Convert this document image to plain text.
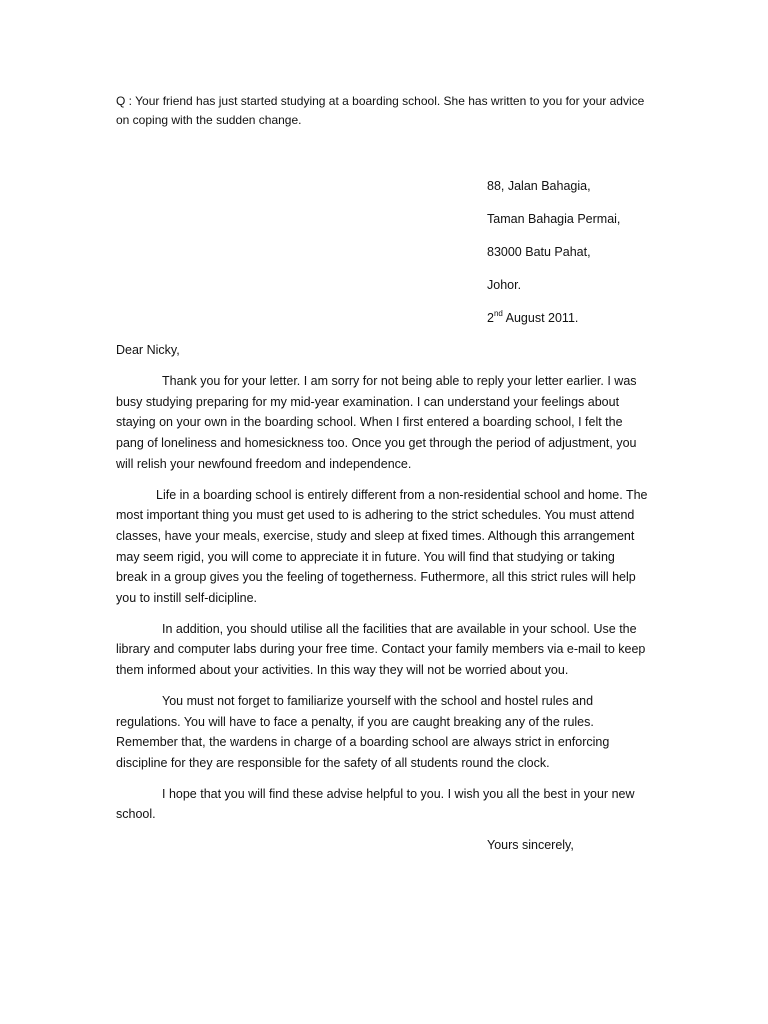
Q : Your friend has just started studying at a boarding school. She has written to you for your advice on coping with the sudden change.
88, Jalan Bahagia,
Taman Bahagia Permai,
83000 Batu Pahat,
Johor.
2nd August 2011.
Dear Nicky,

Thank you for your letter. I am sorry for not being able to reply your letter earlier. I was busy studying preparing for my mid-year examination. I can understand your feelings about staying on your own in the boarding school. When I first entered a boarding school, I felt the pang of loneliness and homesickness too. Once you get through the period of adjustment, you will relish your newfound freedom and independence.

Life in a boarding school is entirely different from a non-residential school and home. The most important thing you must get used to is adhering to the strict schedules. You must attend classes, have your meals, exercise, study and sleep at fixed times. Although this arrangement may seem rigid, you will come to appreciate it in future. You will find that studying or taking break in a group gives you the feeling of togetherness. Futhermore, all this strict rules will help you to instill self-dicipline.

In addition, you should utilise all the facilities that are available in your school. Use the library and computer labs during your free time. Contact your family members via e-mail to keep them informed about your activities. In this way they will not be worried about you.

You must not forget to familiarize yourself with the school and hostel rules and regulations. You will have to face a penalty, if you are caught breaking any of the rules. Remember that, the wardens in charge of a boarding school are always strict in enforcing discipline for they are responsible for the safety of all students round the clock.

I hope that you will find these advise helpful to you. I wish you all the best in your new school.

Yours sincerely,
